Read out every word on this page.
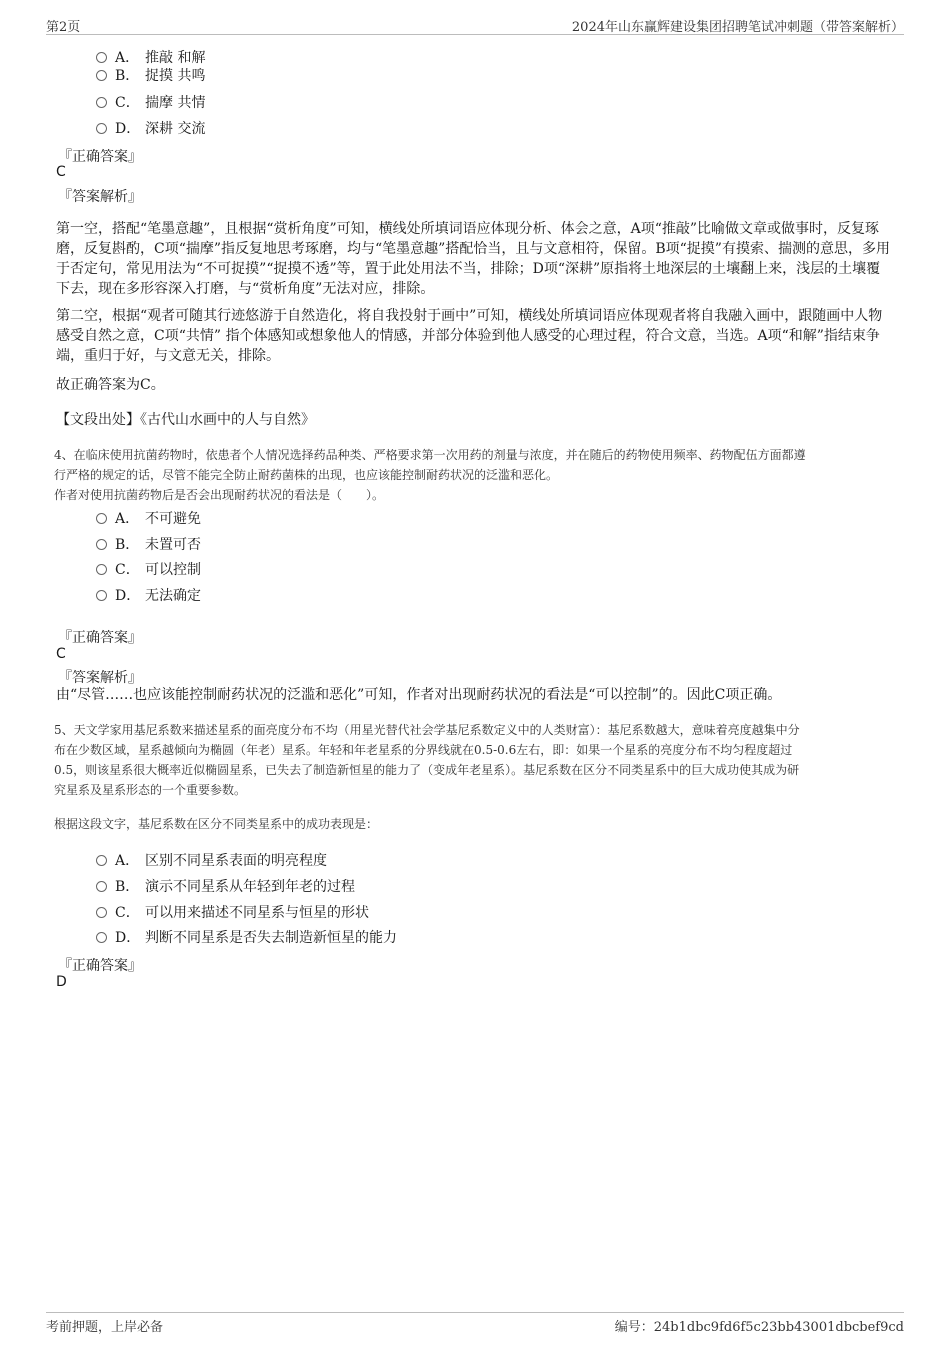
第2页	2024年山东赢辉建设集团招聘笔试冲刺题（带答案解析）
A． 推敲 和解
B． 捉摸 共鸣
C． 揣摩 共情
D． 深耕 交流
『正确答案』
C
『答案解析』
第一空，搭配“笔墨意趣”，且根据“赏析角度”可知，横线处所填词语应体现分析、体会之意，A项“推敲”比喻做文章或做事时，反复琢磨，反复斟酌，C项“揣摩”指反复地思考琢磨，均与“笔墨意趣”搭配恰当，且与文意相符，保留。B项“捉摸”有摸索、揣测的意思，多用于否定句，常见用法为“不可捉摸”“捉摸不透”等，置于此处用法不当，排除；D项“深耕”原指将土地深层的土壤翻上来，浅层的土壤覆下去，现在多形容深入打磨，与“赏析角度”无法对应，排除。
第二空，根据“观者可随其行迹悠游于自然造化，将自我投射于画中”可知，横线处所填词语应体现观者将自我融入画中，跟随画中人物感受自然之意，C项“共情” 指个体感知或想象他人的情感，并部分体验到他人感受的心理过程，符合文意，当选。A项“和解”指结束争端，重归于好，与文意无关，排除。
故正确答案为C。
【文段出处】《古代山水画中的人与自然》
4、在临床使用抗菌药物时，依患者个人情况选择药品种类、严格要求第一次用药的剂量与浓度，并在随后的药物使用频率、药物配伍方面都遵
行严格的规定的话，尽管不能完全防止耐药菌株的出现，也应该能控制耐药状况的泛滥和恶化。
作者对使用抗菌药物后是否会出现耐药状况的看法是（　　）。
A． 不可避免
B． 未置可否
C． 可以控制
D． 无法确定
『正确答案』
C
『答案解析』
由“尽管……也应该能控制耐药状况的泛滥和恶化”可知，作者对出现耐药状况的看法是“可以控制”的。因此C项正确。
5、天文学家用基尼系数来描述星系的面亮度分布不均（用星光替代社会学基尼系数定义中的人类财富）：基尼系数越大，意味着亮度越集中分
布在少数区域，星系越倾向为椭圆（年老）星系。年轻和年老星系的分界线就在0.5-0.6左右，即：如果一个星系的亮度分布不均匀程度超过
0.5，则该星系很大概率近似椭圆星系，已失去了制造新恒星的能力了（变成年老星系）。基尼系数在区分不同类星系中的巨大成功使其成为研
究星系及星系形态的一个重要参数。
根据这段文字，基尼系数在区分不同类星系中的成功表现是：
A． 区别不同星系表面的明亮程度
B． 演示不同星系从年轻到年老的过程
C． 可以用来描述不同星系与恒星的形状
D． 判断不同星系是否失去制造新恒星的能力
『正确答案』
D
考前押题，上岸必备	编号：24b1dbc9fd6f5c23bb43001dbcbef9cd
